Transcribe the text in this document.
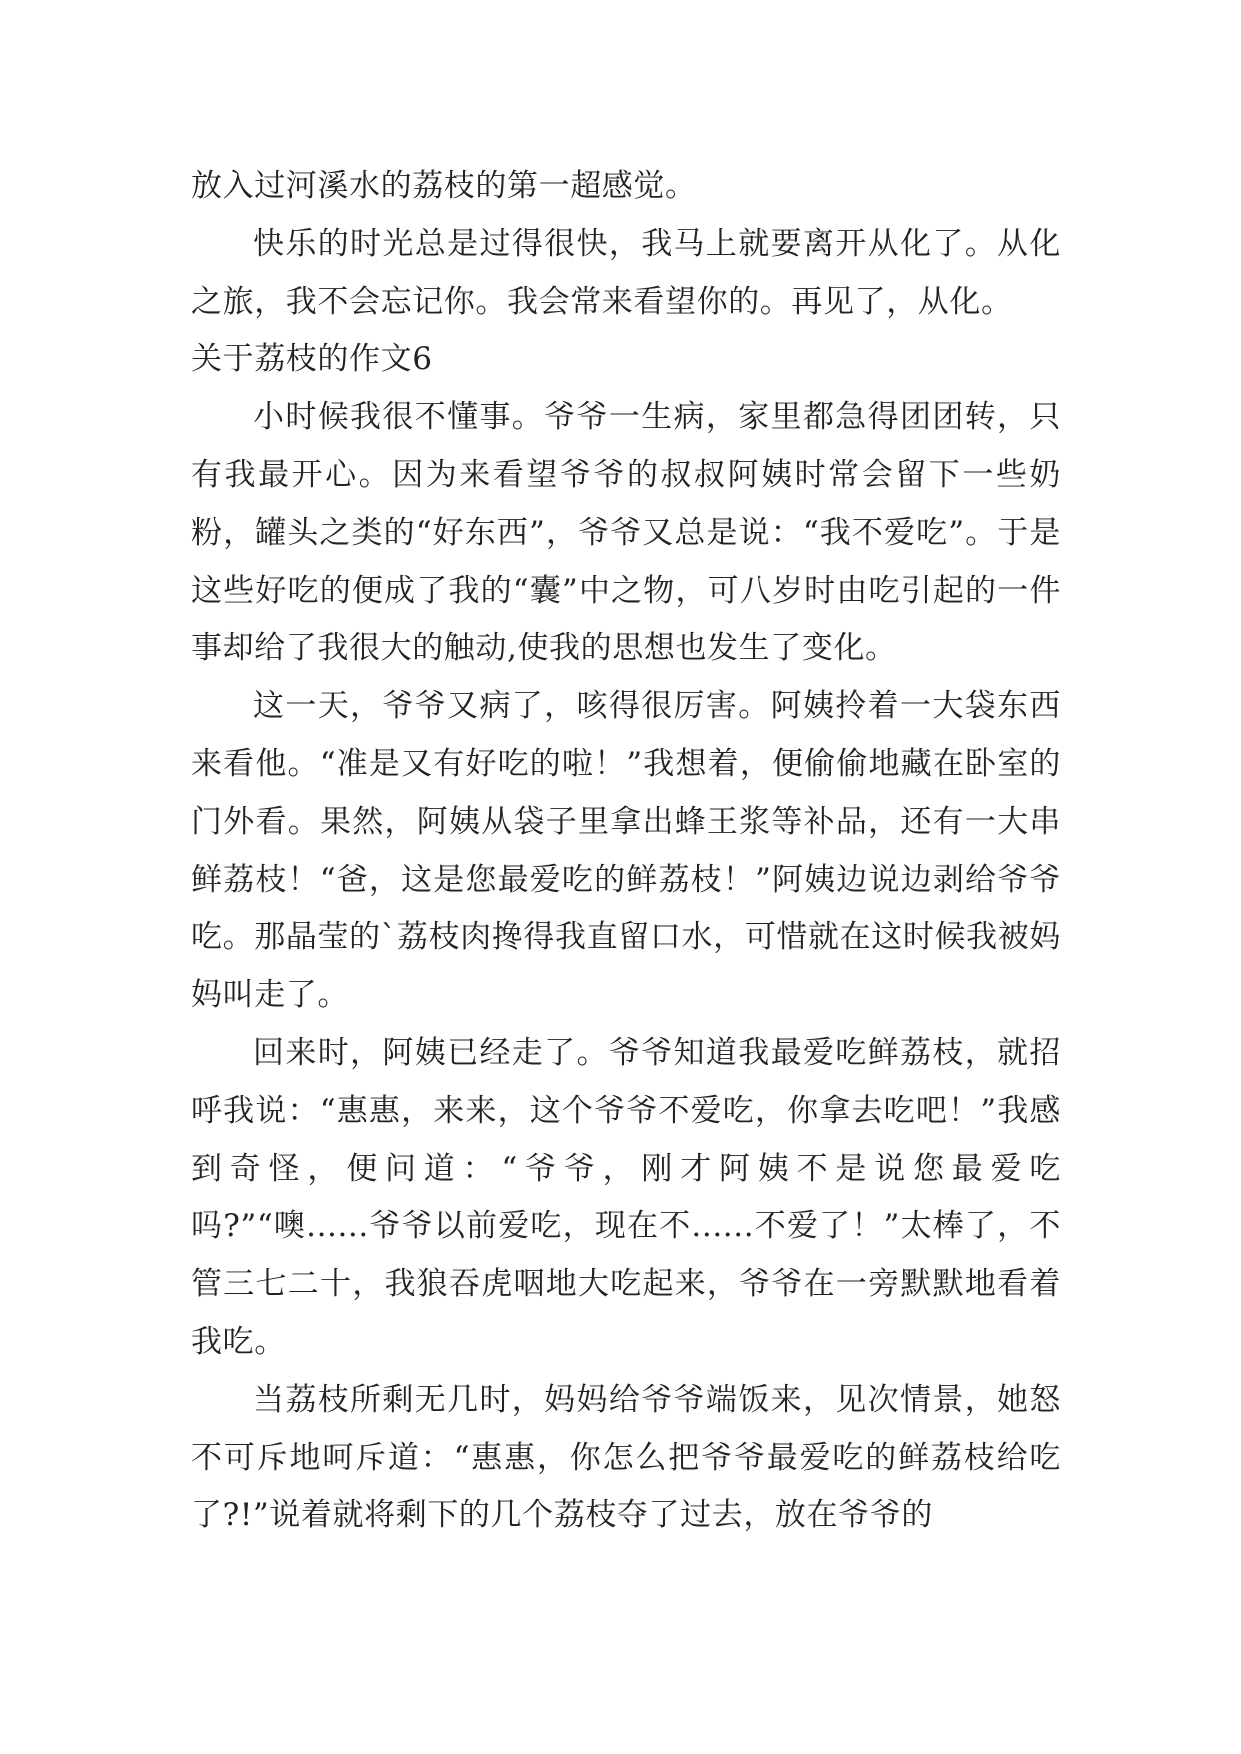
放入过河溪水的荔枝的第一超感觉。

快乐的时光总是过得很快，我马上就要离开从化了。从化之旅，我不会忘记你。我会常来看望你的。再见了，从化。

关于荔枝的作文6

小时候我很不懂事。爷爷一生病，家里都急得团团转，只有我最开心。因为来看望爷爷的叔叔阿姨时常会留下一些奶粉，罐头之类的“好东西”，爷爷又总是说：“我不爱吃”。于是这些好吃的便成了我的“囊”中之物，可八岁时由吃引起的一件事却给了我很大的触动,使我的思想也发生了变化。

这一天，爷爷又病了，咳得很厉害。阿姨拎着一大袋东西来看他。“准是又有好吃的啦！”我想着，便偷偷地藏在卧室的门外看。果然，阿姨从袋子里拿出蜂王浆等补品，还有一大串鲜荔枝！“爸，这是您最爱吃的鲜荔枝！”阿姨边说边剥给爷爷吃。那晶莹的`荔枝肉搀得我直留口水，可惜就在这时候我被妈妈叫走了。

回来时，阿姨已经走了。爷爷知道我最爱吃鲜荔枝，就招呼我说：“惠惠，来来，这个爷爷不爱吃，你拿去吃吧！”我感到奇怪，便问道：“爷爷，刚才阿姨不是说您最爱吃吗?”“噢......爷爷以前爱吃，现在不......不爱了！”太棒了，不管三七二十，我狼吞虎咽地大吃起来，爷爷在一旁默默地看着我吃。

当荔枝所剩无几时，妈妈给爷爷端饭来，见次情景，她怒不可斥地呵斥道：“惠惠，你怎么把爷爷最爱吃的鲜荔枝给吃了?!”说着就将剩下的几个荔枝夺了过去，放在爷爷的
